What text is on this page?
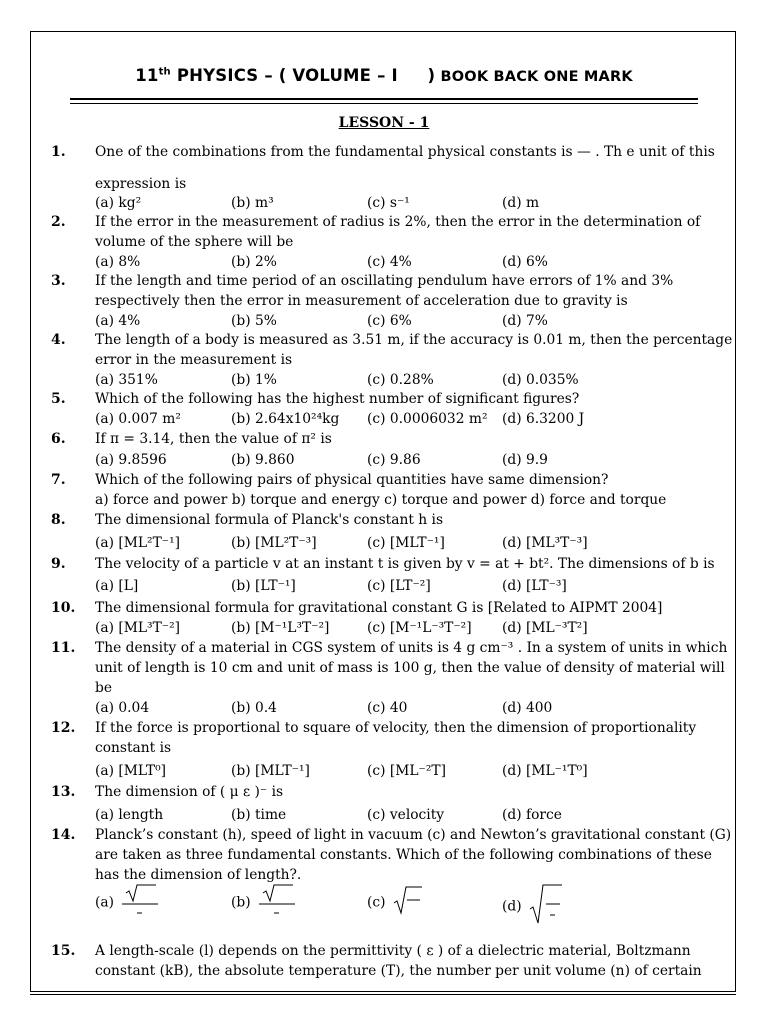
11th PHYSICS – ( VOLUME – I     ) BOOK BACK ONE MARK
LESSON - 1
1. One of the combinations from the fundamental physical constants is — . Th e unit of this
expression is
(a) kg²	(b) m³	(c) s⁻¹	(d) m
2. If the error in the measurement of radius is 2%, then the error in the determination of
volume of the sphere will be
(a) 8%	(b) 2%	(c) 4%	(d) 6%
3. If the length and time period of an oscillating pendulum have errors of 1% and 3%
respectively then the error in measurement of acceleration due to gravity is
(a) 4%	(b) 5%	(c) 6%	(d) 7%
4. The length of a body is measured as 3.51 m, if the accuracy is 0.01 m, then the percentage
error in the measurement is
(a) 351%	(b) 1%	(c) 0.28%	(d) 0.035%
5. Which of the following has the highest number of significant figures?
(a) 0.007 m²	(b) 2.64x10²⁴kg (c) 0.0006032 m² (d) 6.3200 J
6. If π = 3.14, then the value of π² is
(a) 9.8596	(b) 9.860	(c) 9.86	(d) 9.9
7. Which of the following pairs of physical quantities have same dimension?
a) force and power b) torque and energy c) torque and power d) force and torque
8. The dimensional formula of Planck's constant h is
(a) [ML²T⁻¹]	(b) [ML²T⁻³]	(c) [MLT⁻¹]	(d) [ML³T⁻³]
9. The velocity of a particle v at an instant t is given by v = at + bt². The dimensions of b is
(a) [L]	(b) [LT⁻¹]	(c) [LT⁻²]	(d) [LT⁻³]
10. The dimensional formula for gravitational constant G is [Related to AIPMT 2004]
(a) [ML³T⁻²]	(b) [M⁻¹L³T⁻²]	(c) [M⁻¹L⁻³T⁻²] (d) [ML⁻³T²]
11. The density of a material in CGS system of units is 4 g cm⁻³ . In a system of units in which
unit of length is 10 cm and unit of mass is 100 g, then the value of density of material will
be
(a) 0.04	(b) 0.4	(c) 40	(d) 400
12. If the force is proportional to square of velocity, then the dimension of proportionality
constant is
(a) [MLT⁰]	(b) [MLT⁻¹]	(c) [ML⁻²T]	(d) [ML⁻¹T⁰]
13. The dimension of ( μ ε )⁻ is
(a) length	(b) time	(c) velocity	(d) force
14. Planck’s constant (h), speed of light in vacuum (c) and Newton’s gravitational constant (G)
are taken as three fundamental constants. Which of the following combinations of these
has the dimension of length?.
(a)	(b)	(c)	(d)
15. A length-scale (l) depends on the permittivity ( ε ) of a dielectric material, Boltzmann
constant (kB), the absolute temperature (T), the number per unit volume (n) of certain
